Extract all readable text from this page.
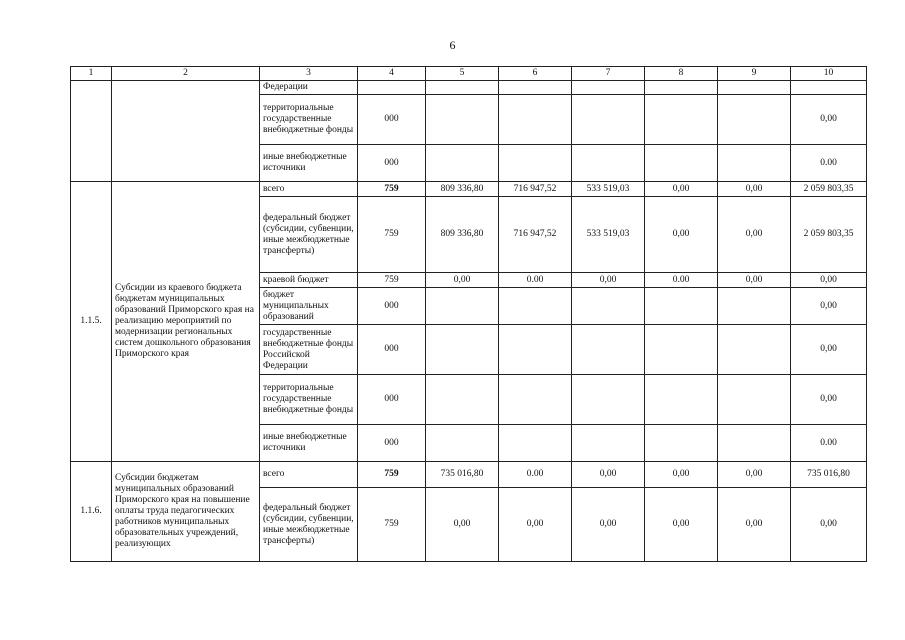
6
1	2	3	4	5	6	7	8	9	10
		Федерации							
		территориальные государственные внебюджетные фонды	000						0,00
		иные внебюджетные источники	000						0.00
1.1.5.	Субсидии из краевого бюджета бюджетам муниципальных образований Приморского края на реализацию мероприятий по модернизации региональных систем дошкольного образования Приморского края	всего	759	809 336,80	716 947,52	533 519,03	0,00	0,00	2 059 803,35
		федеральный бюджет (субсидии, субвенции, иные межбюджетные трансферты)	759	809 336,80	716 947,52	533 519,03	0,00	0,00	2 059 803,35
		краевой бюджет	759	0,00	0.00	0,00	0.00	0,00	0,00
		бюджет муниципальных образований	000						0,00
		государственные внебюджетные фонды Российской Федерации	000						0,00
		территориальные государственные внебюджетные фонды	000						0,00
		иные внебюджетные источники	000						0.00
1.1.6.	Субсидии бюджетам муниципальных образований Приморского края на повышение оплаты труда педагогических работников муниципальных образовательных учреждений, реализующих	всего	759	735 016,80	0.00	0,00	0,00	0,00	735 016,80
		федеральный бюджет (субсидии, субвенции, иные межбюджетные трансферты)	759	0,00	0,00	0,00	0,00	0,00	0,00
